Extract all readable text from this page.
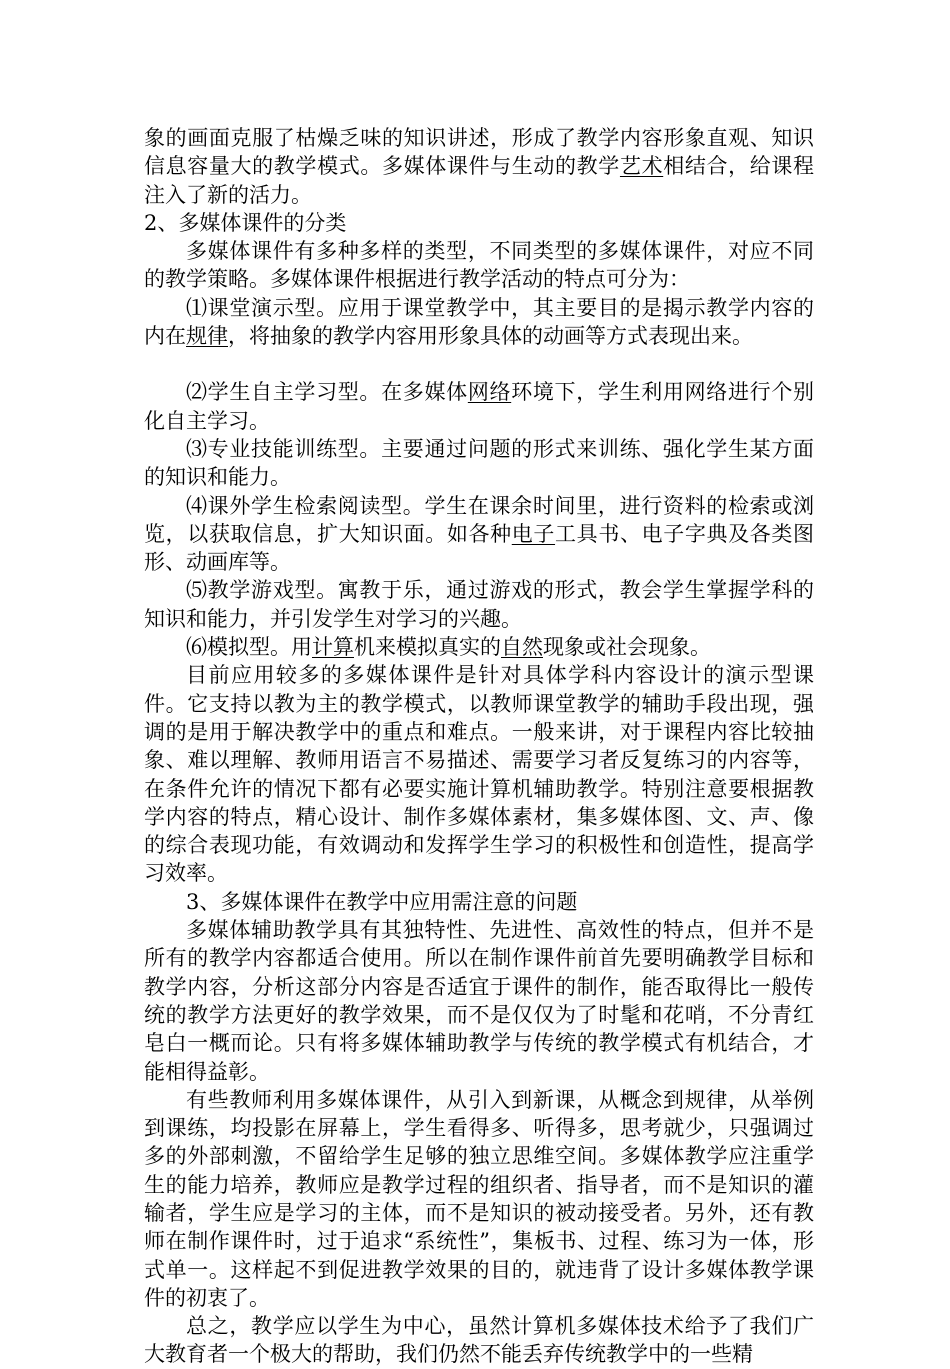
象的画面克服了枯燥乏味的知识讲述，形成了教学内容形象直观、知识信息容量大的教学模式。多媒体课件与生动的教学艺术相结合，给课程注入了新的活力。

2、多媒体课件的分类

多媒体课件有多种多样的类型，不同类型的多媒体课件，对应不同的教学策略。多媒体课件根据进行教学活动的特点可分为：

⑴课堂演示型。应用于课堂教学中，其主要目的是揭示教学内容的内在规律，将抽象的教学内容用形象具体的动画等方式表现出来。

⑵学生自主学习型。在多媒体网络环境下，学生利用网络进行个别化自主学习。

⑶专业技能训练型。主要通过问题的形式来训练、强化学生某方面的知识和能力。

⑷课外学生检索阅读型。学生在课余时间里，进行资料的检索或浏览，以获取信息，扩大知识面。如各种电子工具书、电子字典及各类图形、动画库等。

⑸教学游戏型。寓教于乐，通过游戏的形式，教会学生掌握学科的知识和能力，并引发学生对学习的兴趣。

⑹模拟型。用计算机来模拟真实的自然现象或社会现象。

目前应用较多的多媒体课件是针对具体学科内容设计的演示型课件。它支持以教为主的教学模式，以教师课堂教学的辅助手段出现，强调的是用于解决教学中的重点和难点。一般来讲，对于课程内容比较抽象、难以理解、教师用语言不易描述、需要学习者反复练习的内容等，在条件允许的情况下都有必要实施计算机辅助教学。特别注意要根据教学内容的特点，精心设计、制作多媒体素材，集多媒体图、文、声、像的综合表现功能，有效调动和发挥学生学习的积极性和创造性，提高学习效率。

3、多媒体课件在教学中应用需注意的问题

多媒体辅助教学具有其独特性、先进性、高效性的特点，但并不是所有的教学内容都适合使用。所以在制作课件前首先要明确教学目标和教学内容，分析这部分内容是否适宜于课件的制作，能否取得比一般传统的教学方法更好的教学效果，而不是仅仅为了时髦和花哨，不分青红皂白一概而论。只有将多媒体辅助教学与传统的教学模式有机结合，才能相得益彰。

有些教师利用多媒体课件，从引入到新课，从概念到规律，从举例到课练，均投影在屏幕上，学生看得多、听得多，思考就少，只强调过多的外部刺激，不留给学生足够的独立思维空间。多媒体教学应注重学生的能力培养，教师应是教学过程的组织者、指导者，而不是知识的灌输者，学生应是学习的主体，而不是知识的被动接受者。另外，还有教师在制作课件时，过于追求“系统性”，集板书、过程、练习为一体，形式单一。这样起不到促进教学效果的目的，就违背了设计多媒体教学课件的初衷了。

总之，教学应以学生为中心，虽然计算机多媒体技术给予了我们广大教育者一个极大的帮助，我们仍然不能丢弃传统教学中的一些精
